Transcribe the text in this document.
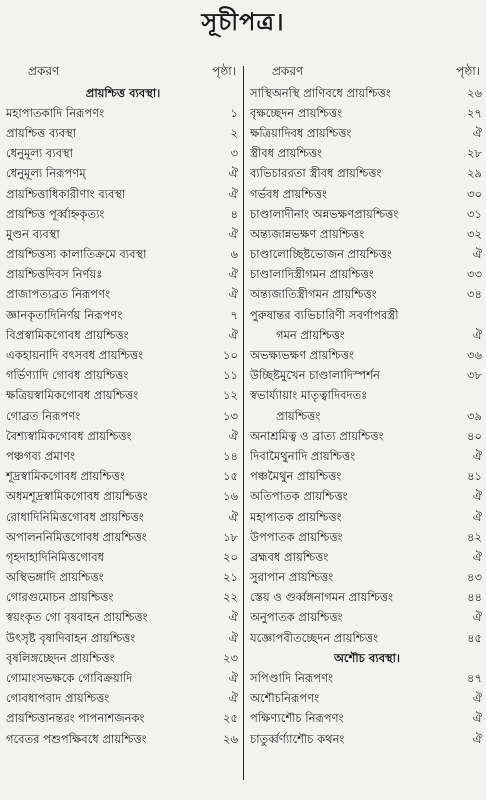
সূচীপত্র।
প্রকরণ	পৃষ্ঠা।
প্রায়শ্চিত্ত ব্যবস্থা।
মহাপাতকাদি নিরূপণং	১
প্রায়শ্চিত্ত ব্যবস্থা	২
ধেনুমূল্য ব্যবস্থা	৩
ধেনুমূল্য নিরূপণম্	ঐ
প্রায়শ্চিত্তাধিকারীণাং ব্যবস্থা	ঐ
প্রায়শ্চিত্ত পূর্ব্বাহ্নকৃত্যং	৪
মুণ্ডন ব্যবস্থা	ঐ
প্রায়শ্চিত্তস্য কালাতিক্রমে ব্যবস্থা	৬
প্রায়শ্চিত্তদিবস নির্ণয়ঃ	ঐ
প্রাজাপত্যব্রত নিরূপণং	ঐ
জ্ঞানকৃতাদিনির্ণয় নিরূপণং	৭
বিপ্রস্বামিকগোবধ প্রায়শ্চিত্তং	ঐ
একহায়নাদি বৎসবধ প্রায়শ্চিত্তং	১০
গর্ভিণ্যাদি গোবধ প্রায়শ্চিত্তং	১১
ক্ষত্রিয়স্বামিকগোবধ প্রায়শ্চিত্তং	১২
গোব্রত নিরূপণং	১৩
বৈশ্যস্বামিকগোবধ প্রায়শ্চিত্তং	ঐ
পঞ্চগব্য প্রমাণং	১৪
শূদ্রস্বামিকগোবধ প্রায়শ্চিত্তং	১৫
অধমশূদ্রস্বামিকগোবধ প্রায়শ্চিত্তং	১৬
রোধাদিনিমিত্তগোবধ প্রায়শ্চিত্তং	ঐ
অপালননিমিত্তগোবধ প্রায়শ্চিত্তং	১৮
গৃহদাহাদিনিমিত্তগোবধ	২০
অস্থিভঙ্গাদি প্রায়শ্চিত্তং	২১
গোরগুমোচন প্রায়শ্চিত্তং	২২
স্বয়ংকৃত গো বৃষবাহন প্রায়শ্চিত্তং	ঐ
উৎসৃষ্ট বৃষাদিবাহন প্রায়শ্চিত্তং	ঐ
বৃষলিঙ্গচ্ছেদন প্রায়শ্চিত্তং	২৩
গোমাংসভক্ষকে গোবিক্রয়াদি	ঐ
গোবধাপবাদ প্রায়শ্চিত্তং	ঐ
প্রায়শ্চিত্তানন্তরং পাপনাশজনকং	২৫
গবেতর পশুপক্ষিবধে প্রায়শ্চিত্তং	২৬
প্রকরণ	পৃষ্ঠা।
সাস্থিঅনস্থি প্রাণিবধে প্রায়শ্চিত্তং	২৬
বৃক্ষচ্ছেদন প্রায়শ্চিত্তং	২৭
ক্ষত্রিয়াদিবধ প্রায়শ্চিত্তং	ঐ
স্ত্রীবধ প্রায়শ্চিত্তং	২৮
ব্যভিচাররতা স্ত্রীবধ প্রায়শ্চিত্তং	২৯
গর্ভবধ প্রায়শ্চিত্তং	৩০
চাণ্ডালাদীনাং অন্নভক্ষণপ্রায়শ্চিত্তং	৩১
অন্ত্যজান্নভক্ষণ প্রায়শ্চিত্তং	৩২
চাণ্ডালোচ্ছিষ্টভোজন প্রায়শ্চিত্তং	ঐ
চাণ্ডালাদিস্ত্রীগমন প্রায়শ্চিত্তং	৩৩
অন্ত্যজাতিস্ত্রীগমন প্রায়শ্চিত্তং	৩৪
পুরুষান্তর ব্যভিচারিণী সবর্ণাপরস্ত্রী
গমন প্রায়শ্চিত্তং	ঐ
অভক্ষ্যভক্ষণ প্রায়শ্চিত্তং	৩৬
উচ্ছিষ্টমুখেন চাণ্ডালাদিস্পর্শন	৩৮
স্বভার্য্যায়াং মাতৃত্বাদিবদতঃ
প্রায়শ্চিত্তং	৩৯
অনাশ্রমিত্ব ও ব্রাত্য প্রায়শ্চিত্তং	৪০
দিবামৈথুনাদি প্রায়শ্চিত্তং	ঐ
পঞ্চমৈথুন প্রায়শ্চিত্তং	৪১
অতিপাতক প্রায়শ্চিত্তং	ঐ
মহাপাতক প্রায়শ্চিত্তং	ঐ
উপপাতক প্রায়শ্চিত্তং	৪২
ব্রহ্মবধ প্রায়শ্চিত্তং	ঐ
সুরাপান প্রায়শ্চিত্তং	৪৩
স্তেয় ও গুর্ব্বঙ্গনাগমন প্রায়শ্চিত্তং	৪৪
অনুপাতক প্রায়শ্চিত্তং	ঐ
যজ্ঞোপবীতচ্ছেদন প্রায়শ্চিত্তং	৪৫
অশৌচ ব্যবস্থা।
সপিণ্ডাদি নিরূপণং	৪৭
অশৌচনিরূপণং	ঐ
পক্ষিণ্যশৌচ নিরূপণং	ঐ
চাতুর্ব্বর্ণ্যাশৌচ কথনং	ঐ
